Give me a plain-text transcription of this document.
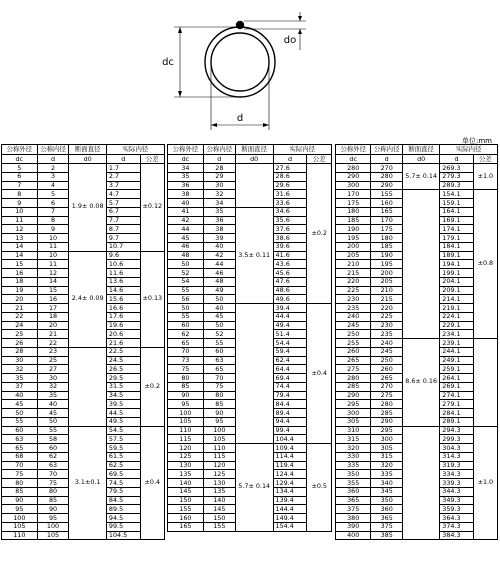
dc
d
do
单位:mm
公称外径	公称内径	断面直径	实际内径	
dc	d	d0	d	公差
5	2	1.9± 0.08	1.7	±0.12
6	3		2.7	
7	4		3.7	
8	5		4.7	
9	6		5.7	
10	7		6.7	
11	8		7.7	
12	9		8.7	
13	10		9.7	
14	11		10.7	
14	10	2.4± 0.09	9.6	±0.13
15	11		10.6	
16	12		11.6	
18	14		13.6	
19	15		14.6	
20	16		15.6	
21	17		16.6	
22	18		17.6	
24	20		19.6	
25	21		20.6	
26	22		21.6	
28	23		22.5	±0.2
30	25		24.5	
32	27		26.5	
35	30		29.5	
37	32		31.5	
40	35		34.5	
45	40		39.5	
50	45		44.5	
55	50		49.5	
60	55	3.1±0.1	54.5	±0.4
63	58		57.5	
65	60		59.5	
68	62		61.5	
70	63		62.5	
75	70		69.5	
80	75		74.5	
85	80		79.5	
90	85		84.5	
95	90		89.5	
100	95		94.5	
105	100		99.5	
110	105		104.5	
公称外径	公称内径	断面直径	实际内径	
dc	d	d0	d	公差
34	28		27.6	±0.2
35	29		28.6	
36	30		29.6	
38	32		31.6	
40	34		33.6	
41	35	3.5± 0.11	34.6	
42	36		35.6	
44	38		37.6	
45	39		38.6	
46	40		39.6	
48	42		41.6	
50	44		43.6	
52	46		45.6	
54	48		47.6	
55	49		48.6	
56	50		49.6	
50	40		39.4	±0.4
55	45		44.4	
60	50		49.4	
62	52		51.4	
65	55		54.4	
70	60		59.4	
73	63		62.4	
75	65		64.4	
80	70		69.4	
85	75		74.4	
90	80		79.4	
95	85		84.4	
100	90		89.4	
105	95		94.4	
110	100		99.4	
115	105		104.4	
120	110	5.7± 0.14	109.4	±0.5
125	115		114.4	
130	120		119.4	
135	125		124.4	
140	130		129.4	
145	135		134.4	
150	140		139.4	
155	145		144.4	
160	150		149.4	
165	155		154.4	
公称外径	公称内径	断面直径	实际内径	
dc	d	d0	d	公差
280	270	5.7± 0.14	269.3	±1.0
290	280		279.3	
300	290		289.3	
170	155		154.1	±0.8
175	160		159.1	
180	165		164.1	
185	170		169.1	
190	175		174.1	
195	180		179.1	
200	185		184.1	
205	190		189.1	
210	195		194.1	
215	200		199.1	
220	205		204.1	
225	210		209.1	
230	215		214.1	
235	220		219.1	
240	225		224.1	
245	230		229.1	
250	235		234.1	
255	240	8.6± 0.16	239.1	
260	245		244.1	
265	250		249.1	
275	260		259.1	
280	265		264.1	
285	270		269.1	
290	275		274.1	
295	280		279.1	
300	285		284.1	
305	290		289.1	
310	295		294.3	±1.0
315	300		299.3	
320	305		304.3	
330	315		314.3	
335	320		319.3	
350	335		334.3	
355	340		339.3	
360	345		344.3	
365	350		349.3	
375	360		359.3	
380	365		364.3	
390	375		374.3	
400	385		384.3	
